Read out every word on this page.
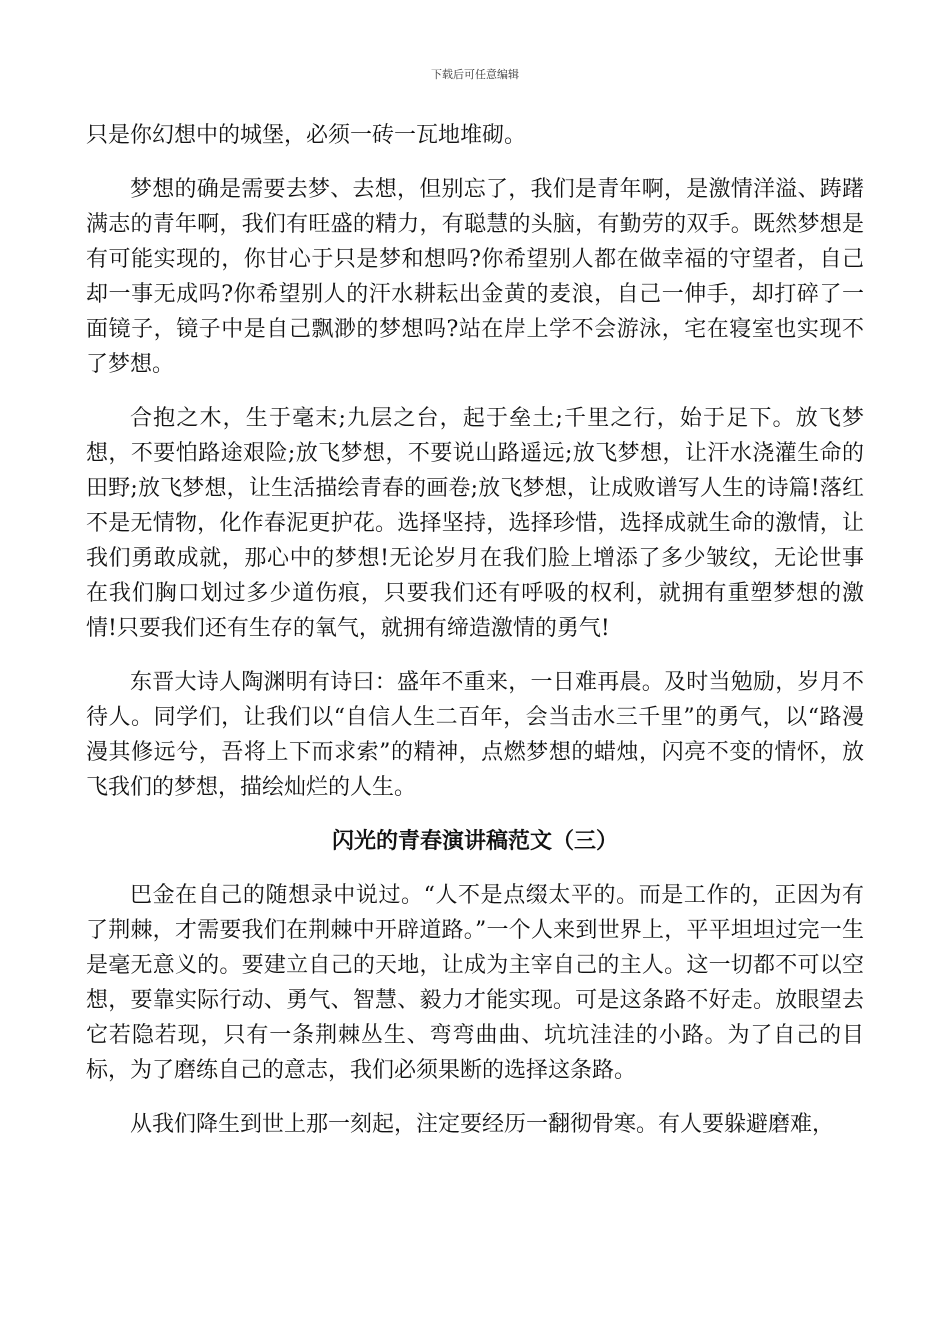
下载后可任意编辑

只是你幻想中的城堡，必须一砖一瓦地堆砌。

梦想的确是需要去梦、去想，但别忘了，我们是青年啊，是激情洋溢、踌躇满志的青年啊，我们有旺盛的精力，有聪慧的头脑，有勤劳的双手。既然梦想是有可能实现的，你甘心于只是梦和想吗?你希望别人都在做幸福的守望者，自己却一事无成吗?你希望别人的汗水耕耘出金黄的麦浪，自己一伸手，却打碎了一面镜子，镜子中是自己飘渺的梦想吗?站在岸上学不会游泳，宅在寝室也实现不了梦想。

合抱之木，生于毫末;九层之台，起于垒土;千里之行，始于足下。放飞梦想，不要怕路途艰险;放飞梦想，不要说山路遥远;放飞梦想，让汗水浇灌生命的田野;放飞梦想，让生活描绘青春的画卷;放飞梦想，让成败谱写人生的诗篇!落红不是无情物，化作春泥更护花。选择坚持，选择珍惜，选择成就生命的激情，让我们勇敢成就，那心中的梦想!无论岁月在我们脸上增添了多少皱纹，无论世事在我们胸口划过多少道伤痕，只要我们还有呼吸的权利，就拥有重塑梦想的激情!只要我们还有生存的氧气，就拥有缔造激情的勇气!

东晋大诗人陶渊明有诗曰：盛年不重来，一日难再晨。及时当勉励，岁月不待人。同学们，让我们以“自信人生二百年，会当击水三千里”的勇气，以“路漫漫其修远兮，吾将上下而求索”的精神，点燃梦想的蜡烛，闪亮不变的情怀，放飞我们的梦想，描绘灿烂的人生。

闪光的青春演讲稿范文（三）

巴金在自己的随想录中说过。“人不是点缀太平的。而是工作的，正因为有了荆棘，才需要我们在荆棘中开辟道路。”一个人来到世界上，平平坦坦过完一生是毫无意义的。要建立自己的天地，让成为主宰自己的主人。这一切都不可以空想，要靠实际行动、勇气、智慧、毅力才能实现。可是这条路不好走。放眼望去它若隐若现，只有一条荆棘丛生、弯弯曲曲、坑坑洼洼的小路。为了自己的目标，为了磨练自己的意志，我们必须果断的选择这条路。

从我们降生到世上那一刻起，注定要经历一翻彻骨寒。有人要躲避磨难，
